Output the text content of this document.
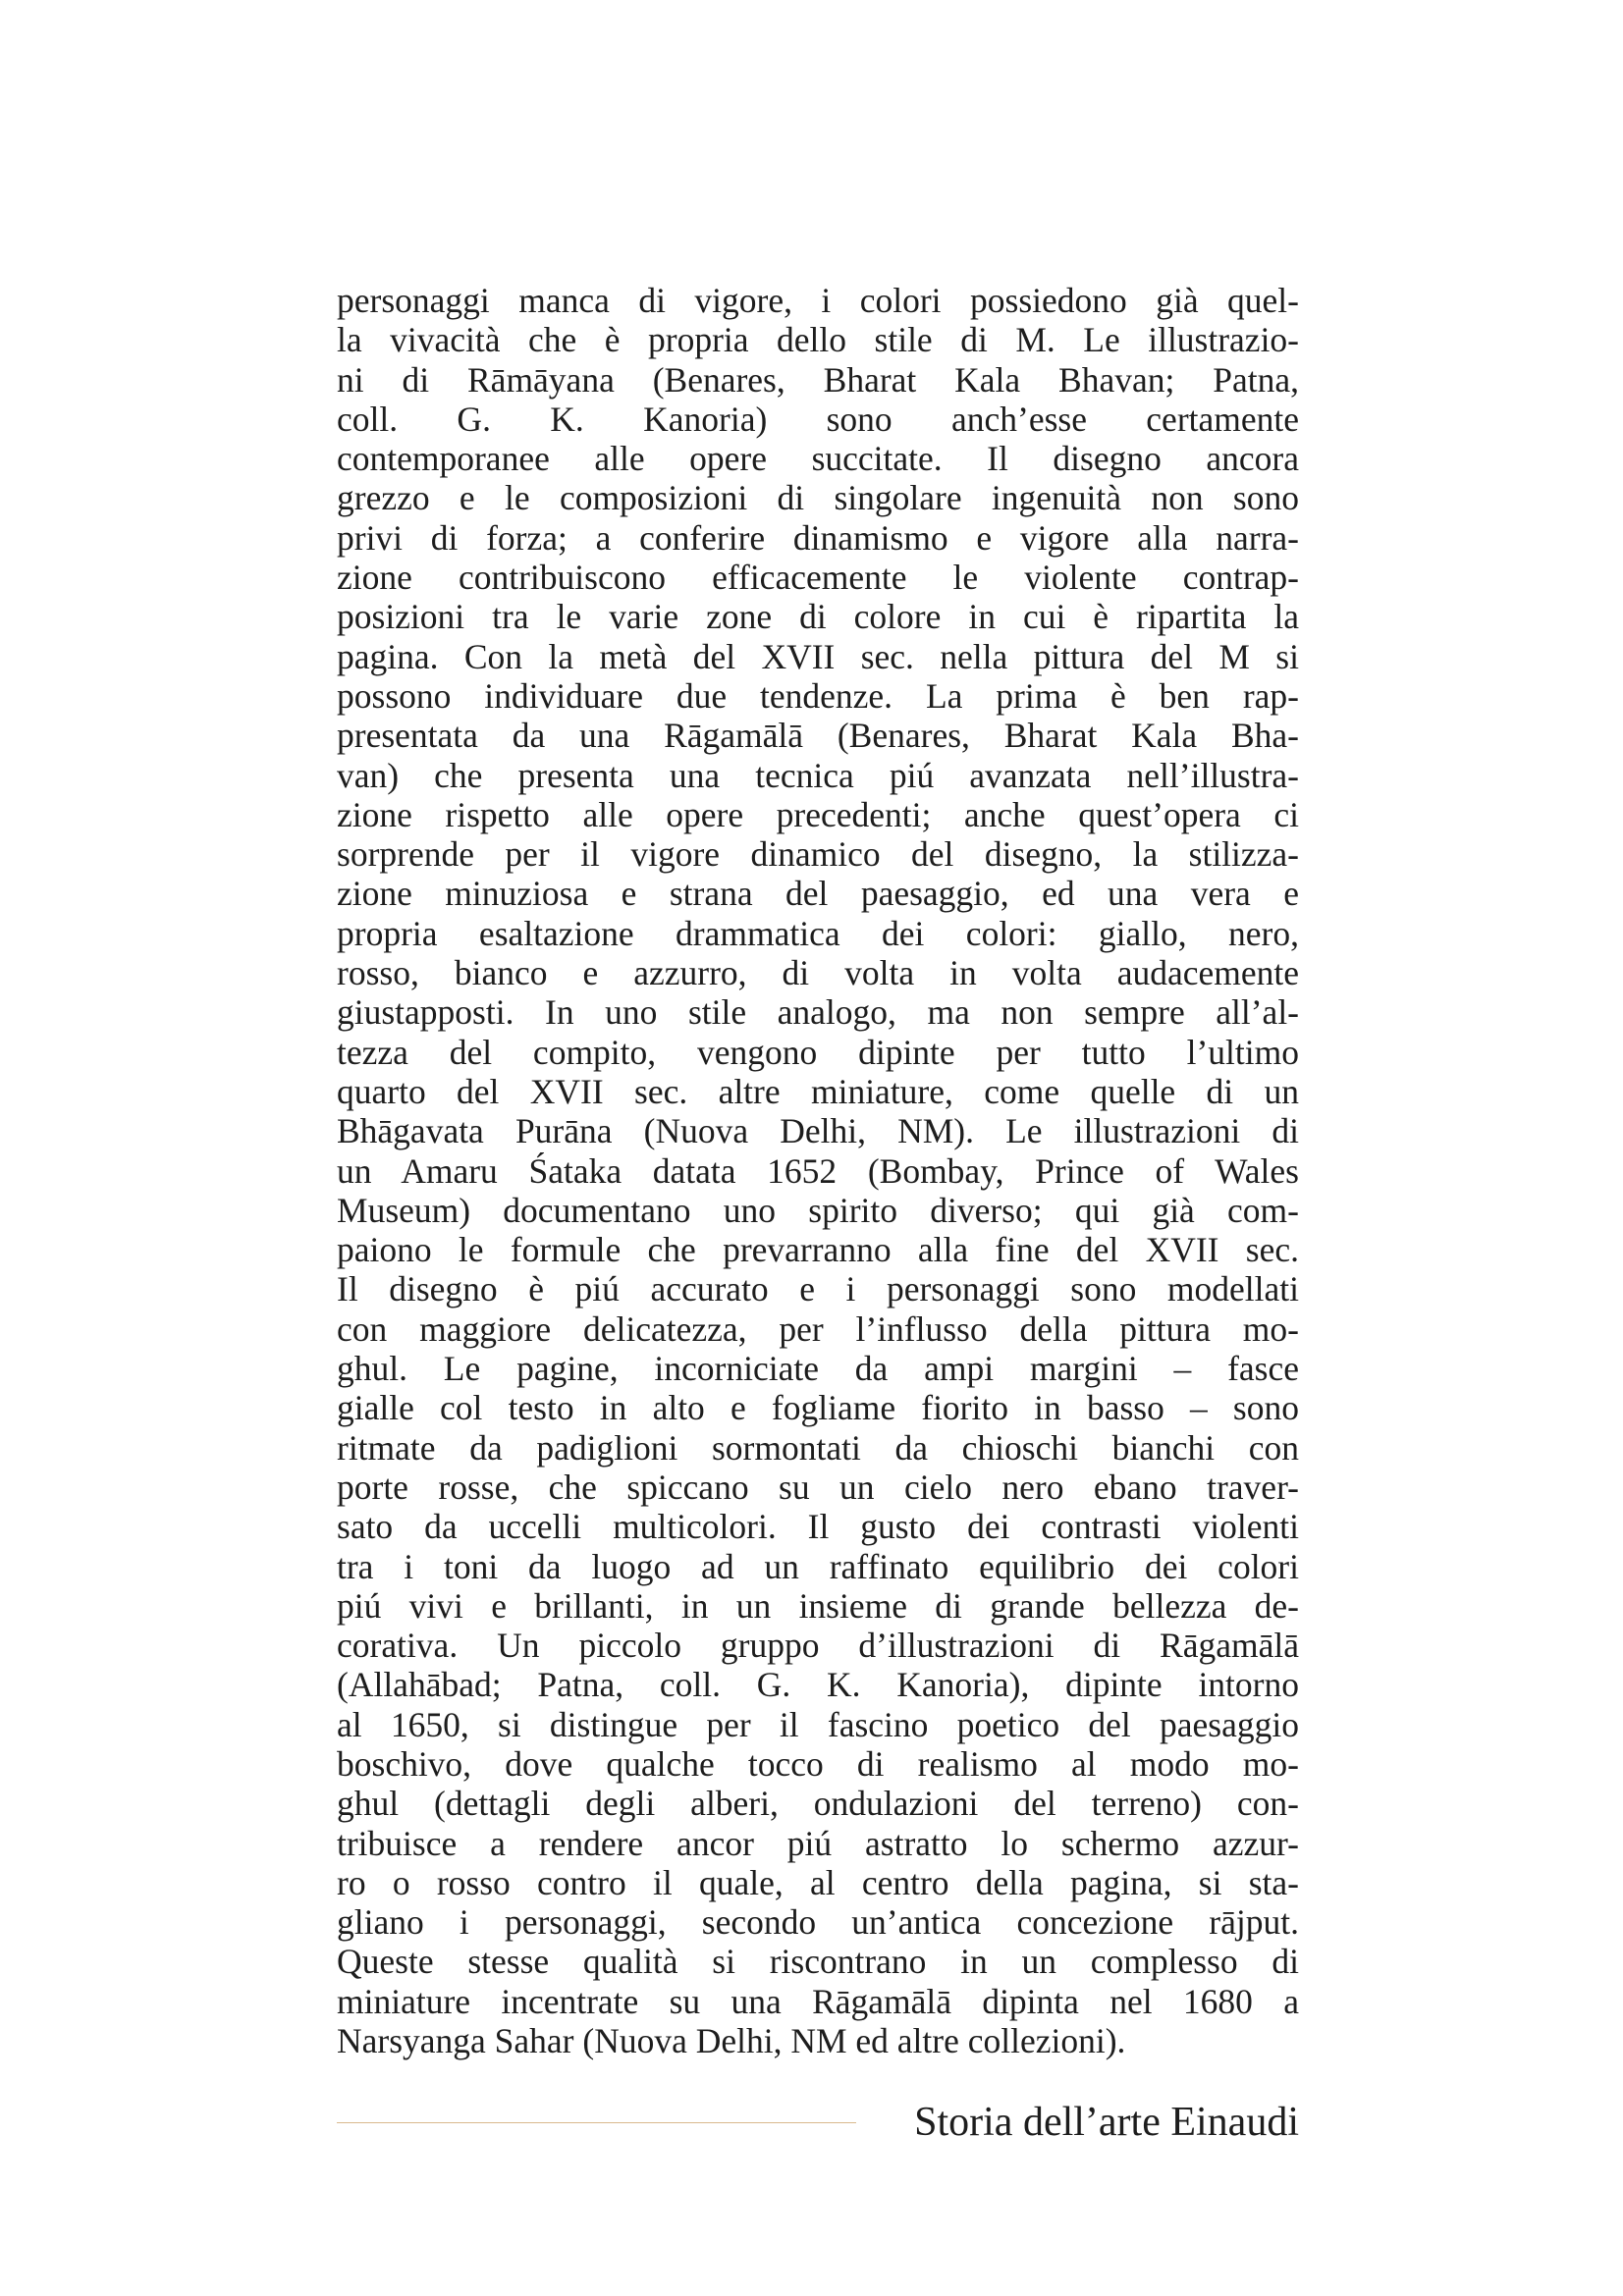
personaggi manca di vigore, i colori possiedono già quel-
la vivacità che è propria dello stile di M. Le illustrazio-
ni di Rāmāyana (Benares, Bharat Kala Bhavan; Patna,
coll. G. K. Kanoria) sono anch’esse certamente
contemporanee alle opere succitate. Il disegno ancora
grezzo e le composizioni di singolare ingenuità non sono
privi di forza; a conferire dinamismo e vigore alla narra-
zione contribuiscono efficacemente le violente contrap-
posizioni tra le varie zone di colore in cui è ripartita la
pagina. Con la metà del XVII sec. nella pittura del M si
possono individuare due tendenze. La prima è ben rap-
presentata da una Rāgamālā (Benares, Bharat Kala Bha-
van) che presenta una tecnica piú avanzata nell’illustra-
zione rispetto alle opere precedenti; anche quest’opera ci
sorprende per il vigore dinamico del disegno, la stilizza-
zione minuziosa e strana del paesaggio, ed una vera e
propria esaltazione drammatica dei colori: giallo, nero,
rosso, bianco e azzurro, di volta in volta audacemente
giustapposti. In uno stile analogo, ma non sempre all’al-
tezza del compito, vengono dipinte per tutto l’ultimo
quarto del XVII sec. altre miniature, come quelle di un
Bhāgavata Purāna (Nuova Delhi, NM). Le illustrazioni di
un Amaru Śataka datata 1652 (Bombay, Prince of Wales
Museum) documentano uno spirito diverso; qui già com-
paiono le formule che prevarranno alla fine del XVII sec.
Il disegno è piú accurato e i personaggi sono modellati
con maggiore delicatezza, per l’influsso della pittura mo-
ghul. Le pagine, incorniciate da ampi margini – fasce
gialle col testo in alto e fogliame fiorito in basso – sono
ritmate da padiglioni sormontati da chioschi bianchi con
porte rosse, che spiccano su un cielo nero ebano traver-
sato da uccelli multicolori. Il gusto dei contrasti violenti
tra i toni da luogo ad un raffinato equilibrio dei colori
piú vivi e brillanti, in un insieme di grande bellezza de-
corativa. Un piccolo gruppo d’illustrazioni di Rāgamālā
(Allahābad; Patna, coll. G. K. Kanoria), dipinte intorno
al 1650, si distingue per il fascino poetico del paesaggio
boschivo, dove qualche tocco di realismo al modo mo-
ghul (dettagli degli alberi, ondulazioni del terreno) con-
tribuisce a rendere ancor piú astratto lo schermo azzur-
ro o rosso contro il quale, al centro della pagina, si sta-
gliano i personaggi, secondo un’antica concezione rājput.
Queste stesse qualità si riscontrano in un complesso di
miniature incentrate su una Rāgamālā dipinta nel 1680 a
Narsyanga Sahar (Nuova Delhi, NM ed altre collezioni).
Storia dell’arte Einaudi
